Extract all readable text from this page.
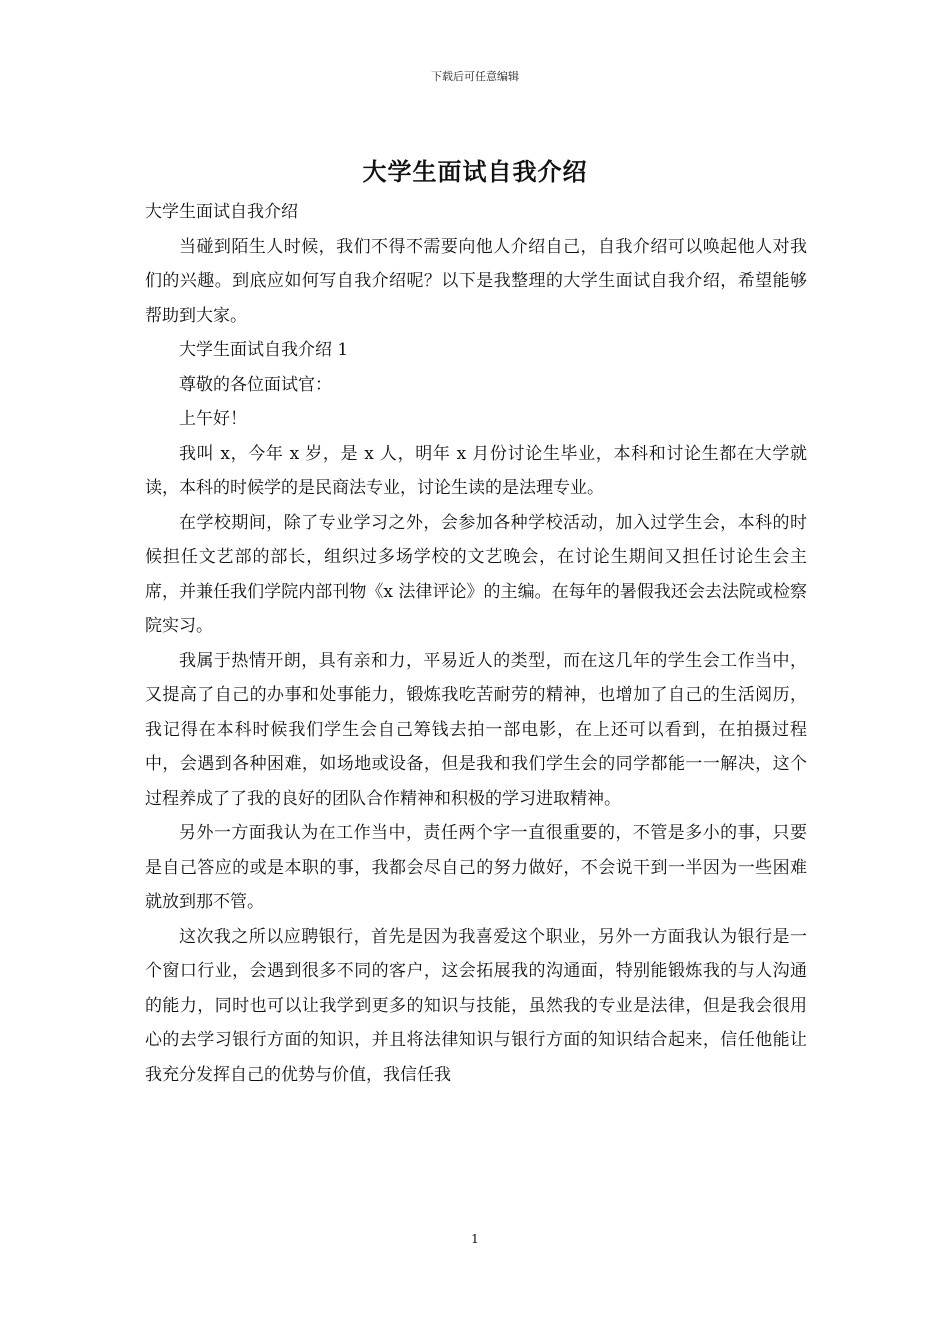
下载后可任意编辑
大学生面试自我介绍

大学生面试自我介绍

当碰到陌生人时候，我们不得不需要向他人介绍自己，自我介绍可以唤起他人对我们的兴趣。到底应如何写自我介绍呢？以下是我整理的大学生面试自我介绍，希望能够帮助到大家。

大学生面试自我介绍 1

尊敬的各位面试官：

上午好！

我叫 x，今年 x 岁，是 x 人，明年 x 月份讨论生毕业，本科和讨论生都在大学就读，本科的时候学的是民商法专业，讨论生读的是法理专业。

在学校期间，除了专业学习之外，会参加各种学校活动，加入过学生会，本科的时候担任文艺部的部长，组织过多场学校的文艺晚会，在讨论生期间又担任讨论生会主席，并兼任我们学院内部刊物《x 法律评论》的主编。在每年的暑假我还会去法院或检察院实习。

我属于热情开朗，具有亲和力，平易近人的类型，而在这几年的学生会工作当中，又提高了自己的办事和处事能力，锻炼我吃苦耐劳的精神，也增加了自己的生活阅历，我记得在本科时候我们学生会自己筹钱去拍一部电影，在上还可以看到，在拍摄过程中，会遇到各种困难，如场地或设备，但是我和我们学生会的同学都能一一解决，这个过程养成了了我的良好的团队合作精神和积极的学习进取精神。

另外一方面我认为在工作当中，责任两个字一直很重要的，不管是多小的事，只要是自己答应的或是本职的事，我都会尽自己的努力做好，不会说干到一半因为一些困难就放到那不管。

这次我之所以应聘银行，首先是因为我喜爱这个职业，另外一方面我认为银行是一个窗口行业，会遇到很多不同的客户，这会拓展我的沟通面，特别能锻炼我的与人沟通的能力，同时也可以让我学到更多的知识与技能，虽然我的专业是法律，但是我会很用心的去学习银行方面的知识，并且将法律知识与银行方面的知识结合起来，信任他能让我充分发挥自己的优势与价值，我信任我

1
